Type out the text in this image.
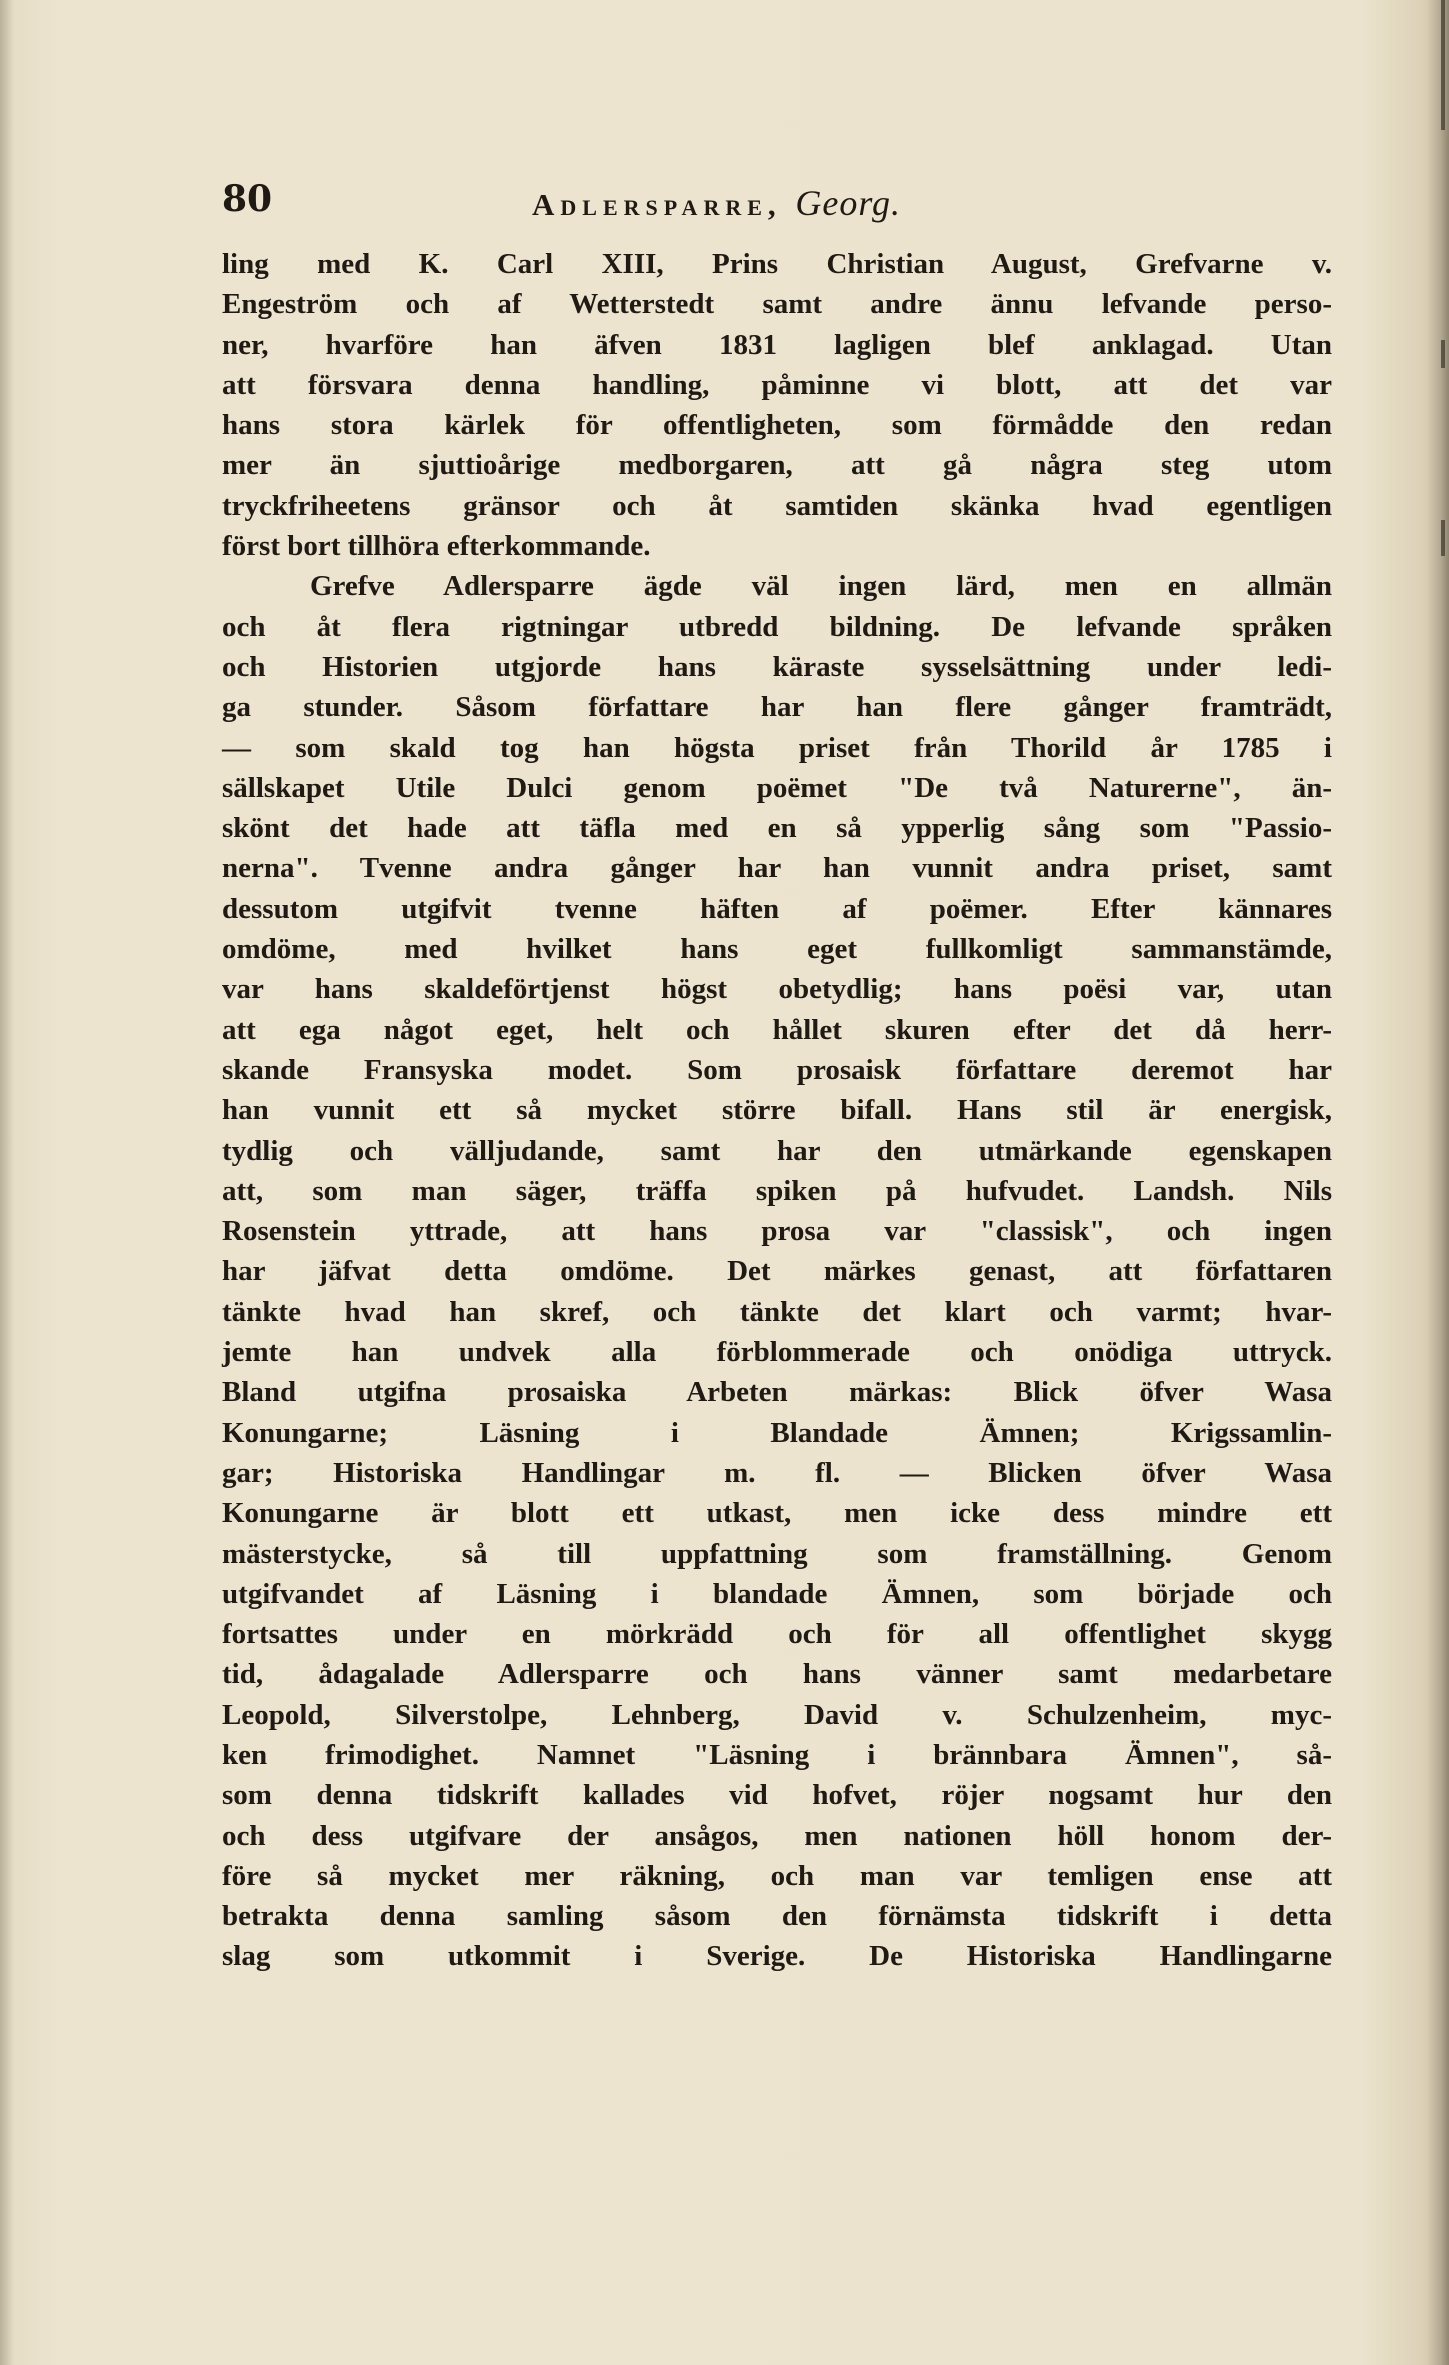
80	Adlersparre, Georg.
ling med K. Carl XIII, Prins Christian August, Grefvarne v.
Engeström och af Wetterstedt samt andre ännu lefvande perso-
ner, hvarföre han äfven 1831 lagligen blef anklagad. Utan
att försvara denna handling, påminne vi blott, att det var
hans stora kärlek för offentligheten, som förmådde den redan
mer än sjuttioårige medborgaren, att gå några steg utom
tryckfriheetens gränsor och åt samtiden skänka hvad egentligen
först bort tillhöra efterkommande.
Grefve Adlersparre ägde väl ingen lärd, men en allmän
och åt flera rigtningar utbredd bildning. De lefvande språken
och Historien utgjorde hans käraste sysselsättning under ledi-
ga stunder. Såsom författare har han flere gånger framträdt,
— som skald tog han högsta priset från Thorild år 1785 i
sällskapet Utile Dulci genom poëmet "De två Naturerne", än-
skönt det hade att täfla med en så ypperlig sång som "Passio-
nerna". Tvenne andra gånger har han vunnit andra priset, samt
dessutom utgifvit tvenne häften af poëmer. Efter kännares
omdöme, med hvilket hans eget fullkomligt sammanstämde,
var hans skaldeförtjenst högst obetydlig; hans poësi var, utan
att ega något eget, helt och hållet skuren efter det då herr-
skande Fransyska modet. Som prosaisk författare deremot har
han vunnit ett så mycket större bifall. Hans stil är energisk,
tydlig och välljudande, samt har den utmärkande egenskapen
att, som man säger, träffa spiken på hufvudet. Landsh. Nils
Rosenstein yttrade, att hans prosa var "classisk", och ingen
har jäfvat detta omdöme. Det märkes genast, att författaren
tänkte hvad han skref, och tänkte det klart och varmt; hvar-
jemte han undvek alla förblommerade och onödiga uttryck.
Bland utgifna prosaiska Arbeten märkas: Blick öfver Wasa
Konungarne; Läsning i Blandade Ämnen; Krigssamlin-
gar; Historiska Handlingar m. fl. — Blicken öfver Wasa
Konungarne är blott ett utkast, men icke dess mindre ett
mästerstycke, så till uppfattning som framställning. Genom
utgifvandet af Läsning i blandade Ämnen, som började och
fortsattes under en mörkrädd och för all offentlighet skygg
tid, ådagalade Adlersparre och hans vänner samt medarbetare
Leopold, Silverstolpe, Lehnberg, David v. Schulzenheim, myc-
ken frimodighet. Namnet "Läsning i brännbara Ämnen", så-
som denna tidskrift kallades vid hofvet, röjer nogsamt hur den
och dess utgifvare der ansågos, men nationen höll honom der-
före så mycket mer räkning, och man var temligen ense att
betrakta denna samling såsom den förnämsta tidskrift i detta
slag som utkommit i Sverige. De Historiska Handlingarne
